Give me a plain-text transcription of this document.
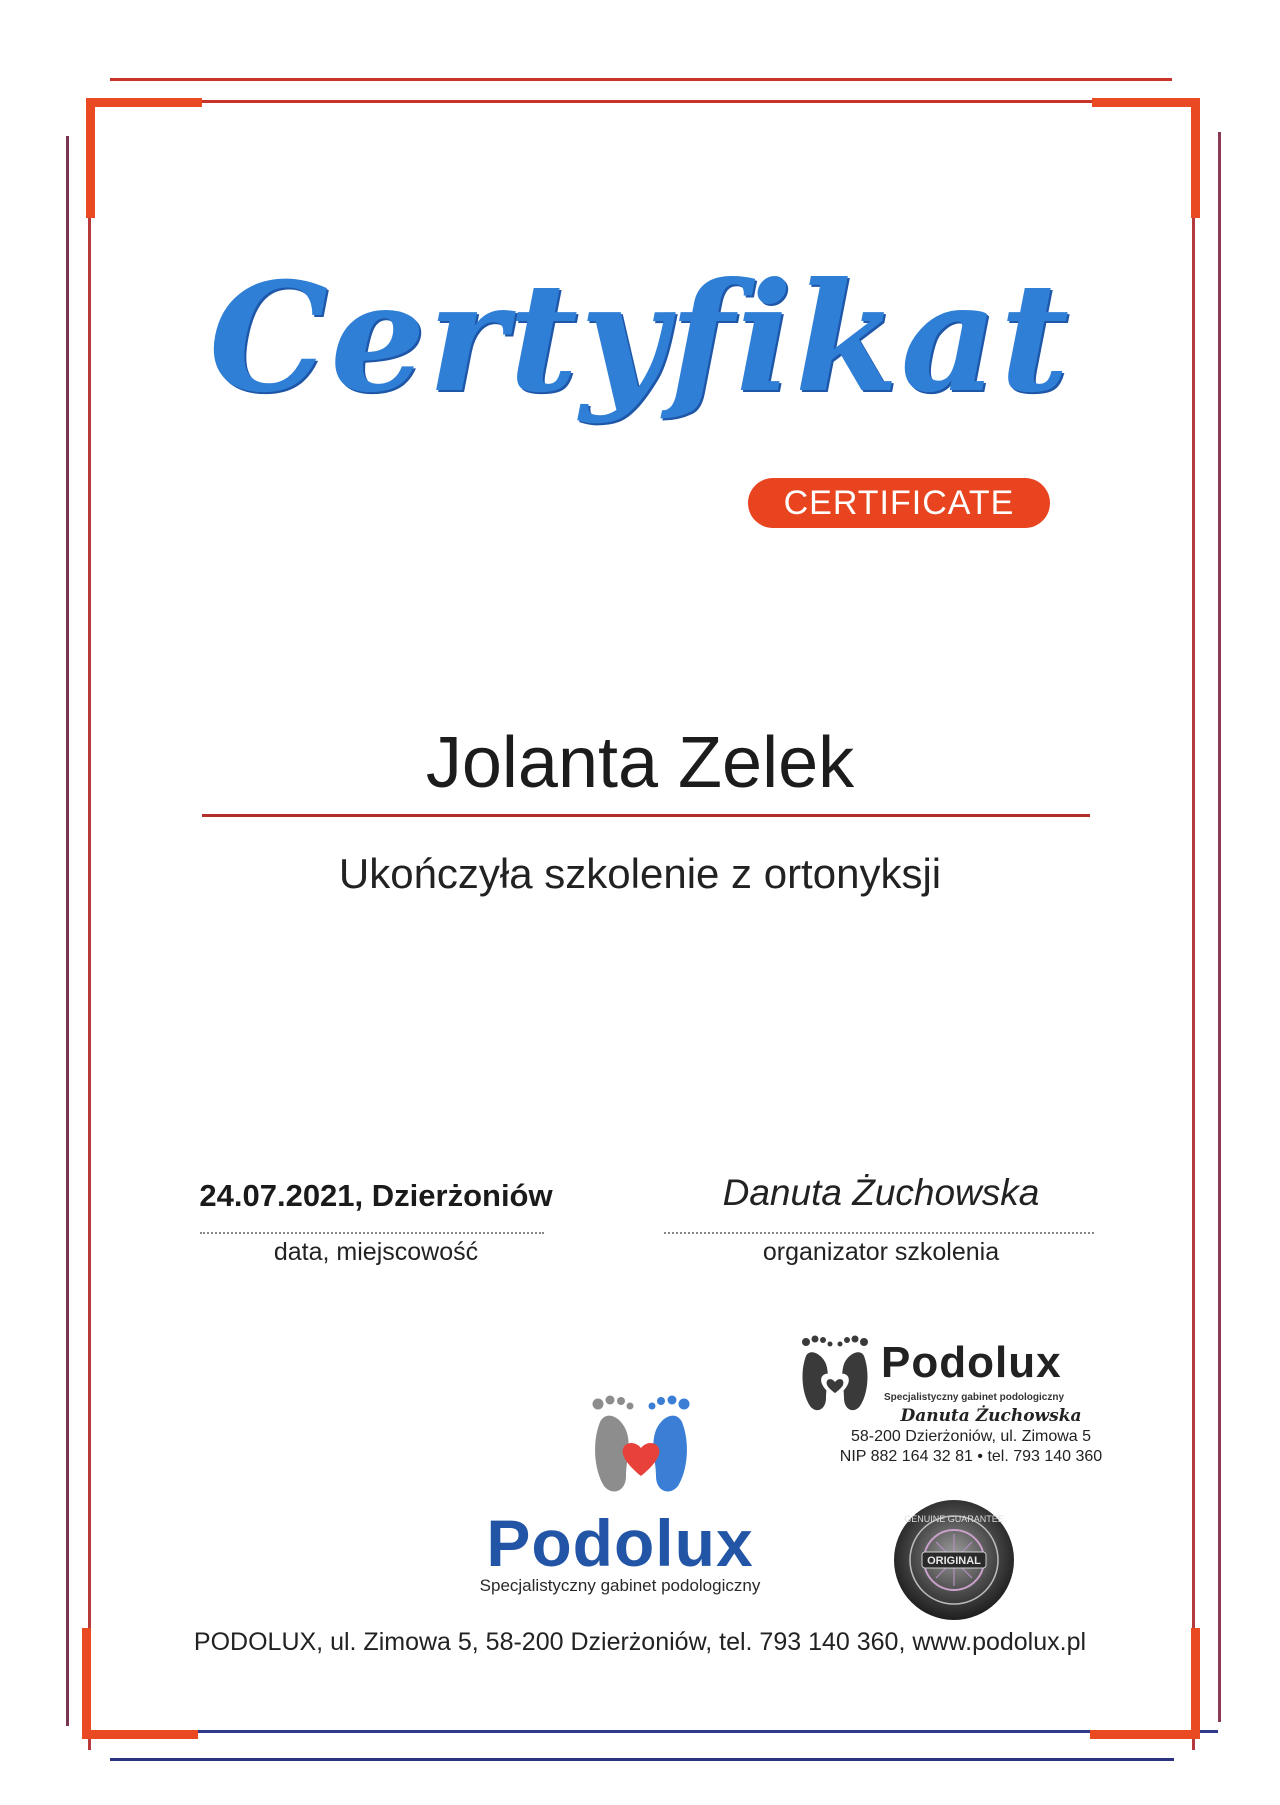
Certyfikat
CERTIFICATE
Jolanta Zelek
Ukończyła szkolenie z ortonyksji
24.07.2021, Dzierżoniów
data, miejscowość
Danuta Żuchowska
organizator szkolenia
Podolux
Specjalistyczny gabinet podologiczny
Danuta Żuchowska
58-200 Dzierżoniów, ul. Zimowa 5
NIP 882 164 32 81 • tel. 793 140 360
Podolux
Specjalistyczny gabinet podologiczny
GENUINE GUARANTEE
ORIGINAL
PODOLUX, ul. Zimowa 5, 58-200 Dzierżoniów, tel. 793 140 360, www.podolux.pl
